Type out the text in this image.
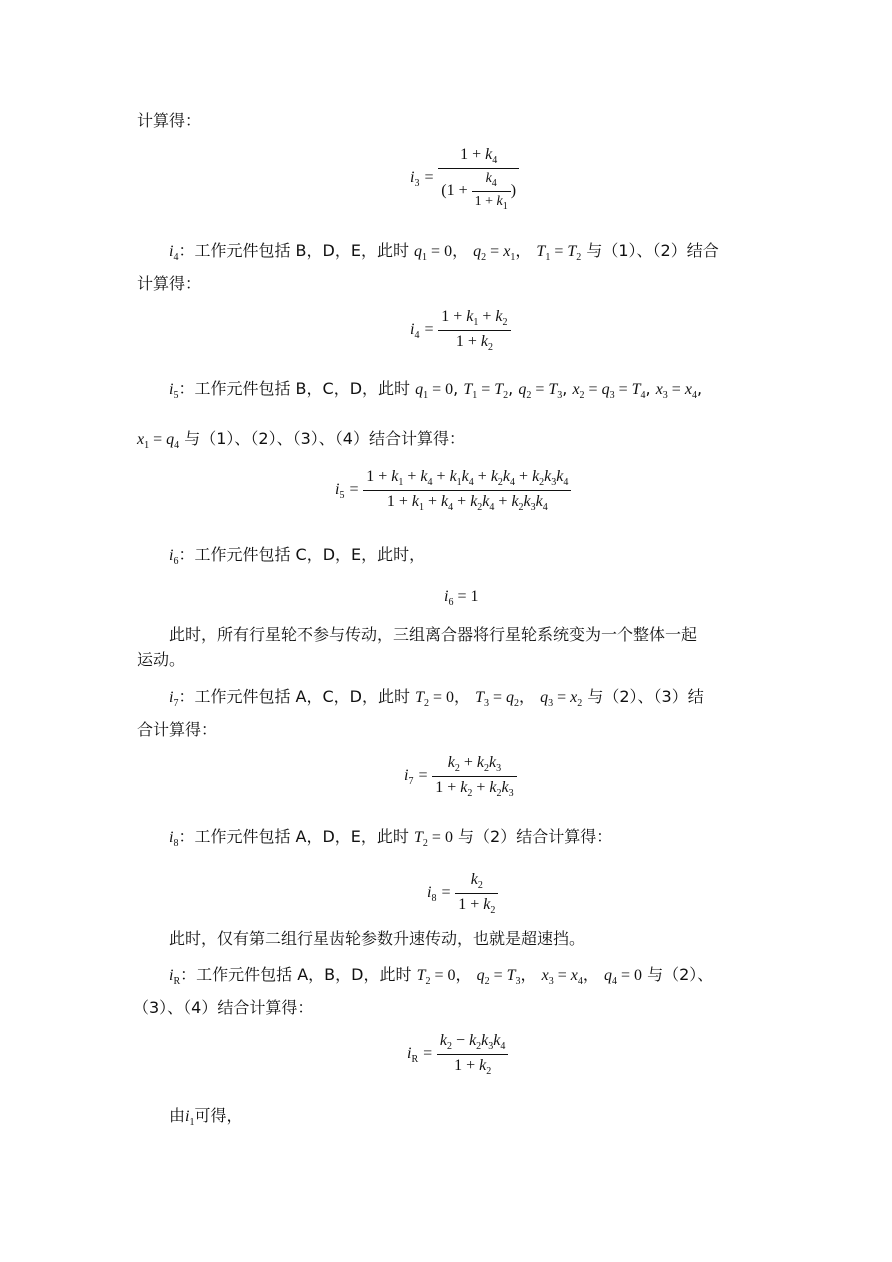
计算得：
$i_3 = \frac{1 + k_4}{(1 + \frac{k_4}{1 + k_1} )}$
$i_4$：工作元件包括 B，D，E，此时 $q_1 = 0$， $q_2 = x_1$， $T_1 = T_2$ 与（1）、（2）结合
计算得：
$i_4 = \frac{1 + k_1 + k_2}{1 + k_2}$
$i_5$：工作元件包括 B，C，D，此时 $q_1 = 0$, $T_1 = T_2$, $q_2 = T_3$, $x_2 = q_3 = T_4$, $x_3 = x_4$,
$x_1 = q_4$ 与（1）、（2）、（3）、（4）结合计算得：
$i_5 = \frac{1 + k_1 + k_4 + k_1k_4 + k_2k_4 + k_2k_3k_4}{1 + k_1 + k_4 + k_2k_4 + k_2k_3k_4}$
$i_6$：工作元件包括 C，D，E，此时，
$i_6 = 1$
此时，所有行星轮不参与传动，三组离合器将行星轮系统变为一个整体一起
运动。
$i_7$：工作元件包括 A，C，D，此时 $T_2 = 0$， $T_3 = q_2$， $q_3 = x_2$ 与（2）、（3）结
合计算得：
$i_7 = \frac{k_2 + k_2k_3}{1 + k_2 + k_2k_3}$
$i_8$：工作元件包括 A，D，E，此时 $T_2 = 0$ 与（2）结合计算得：
$i_8 = \frac{k_2}{1 + k_2}$
此时，仅有第二组行星齿轮参数升速传动，也就是超速挡。
$i_R$：工作元件包括 A，B，D，此时 $T_2 = 0$， $q_2 = T_3$， $x_3 = x_4$， $q_4 = 0$ 与（2）、
（3）、（4）结合计算得：
$i_R = \frac{k_2 - k_2k_3k_4}{1 + k_2}$
由$i_1$可得，
